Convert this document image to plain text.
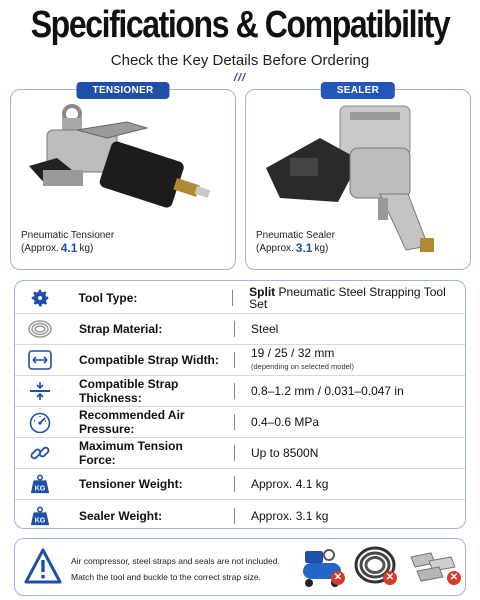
Specifications & Compatibility
Check the Key Details Before Ordering
///
TENSIONER
Pneumatic Tensioner
(Approx. 4.1 kg)
SEALER
Pneumatic Sealer
(Approx. 3.1 kg)
Tool Type:	Split Pneumatic Steel Strapping Tool Set
Strap Material:	Steel
Compatible Strap Width:	19 / 25 / 32 mm
(depending on selected model)
Compatible Strap Thickness:	0.8–1.2 mm / 0.031–0.047 in
Recommended Air Pressure:	0.4–0.6 MPa
Maximum Tension Force:	Up to 8500N
KG	Tensioner Weight:	Approx. 4.1 kg
KG	Sealer Weight:	Approx. 3.1 kg
Air compressor, steel straps and seals are not included.
Match the tool and buckle to the correct strap size.	✕	✕	✕
